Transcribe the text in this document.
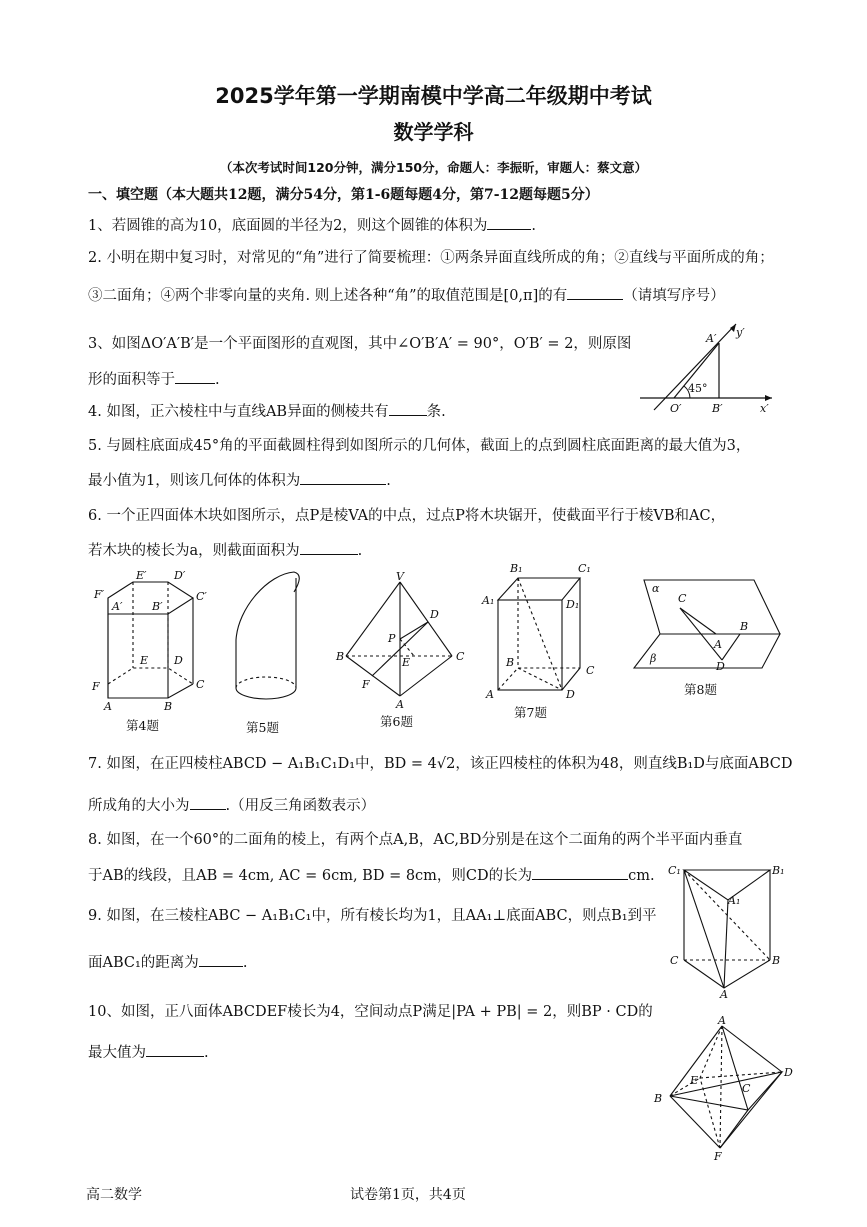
2025学年第一学期南模中学高二年级期中考试
数学学科
（本次考试时间120分钟，满分150分，命题人：李振昕，审题人：蔡文意）
一、填空题（本大题共12题，满分54分，第1-6题每题4分，第7-12题每题5分）
1、若圆锥的高为10，底面圆的半径为2，则这个圆锥的体积为	.
2. 小明在期中复习时，对常见的“角”进行了简要梳理：①两条异面直线所成的角；②直线与平面所成的角；
③二面角；④两个非零向量的夹角. 则上述各种“角”的取值范围是[0,π]的有	（请填写序号）
3、如图ΔO′A′B′是一个平面图形的直观图，其中∠O′B′A′ = 90°，O′B′ = 2，则原图
形的面积等于	.
A′ y′
45°
O′	B′	x′
4. 如图，正六棱柱中与直线AB异面的侧棱共有	条.
5. 与圆柱底面成45°角的平面截圆柱得到如图所示的几何体，截面上的点到圆柱底面距离的最大值为3，
最小值为1，则该几何体的体积为	.
6. 一个正四面体木块如图所示，点P是棱VA的中点，过点P将木块锯开，使截面平行于棱VB和AC，
若木块的棱长为a，则截面面积为	.
E′ D′
F′
A′	B′
C′
E D
F	C
A	B
第4题	第5题
V
D
P
B	E	C
F
A
第6题
B₁	C₁
A₁	D₁
B
C
A	D
第7题
α
C
B
A
D
β
第8题
7. 如图，在正四棱柱ABCD − A₁B₁C₁D₁中，BD = 4√2，该正四棱柱的体积为48，则直线B₁D与底面ABCD
所成角的大小为 .（用反三角函数表示）
8. 如图，在一个60°的二面角的棱上，有两个点A,B，AC,BD分别是在这个二面角的两个半平面内垂直
于AB的线段，且AB = 4cm, AC = 6cm, BD = 8cm，则CD的长为	cm.
9. 如图，在三棱柱ABC − A₁B₁C₁中，所有棱长均为1，且AA₁⊥底面ABC，则点B₁到平
面ABC₁的距离为	.
C₁	B₁
A₁
C	B
A
10、如图，正八面体ABCDEF棱长为4，空间动点P满足|PA + PB| = 2，则BP · CD的
最大值为	.
A
D
E
C
B
F
高二数学	试卷第1页，共4页
